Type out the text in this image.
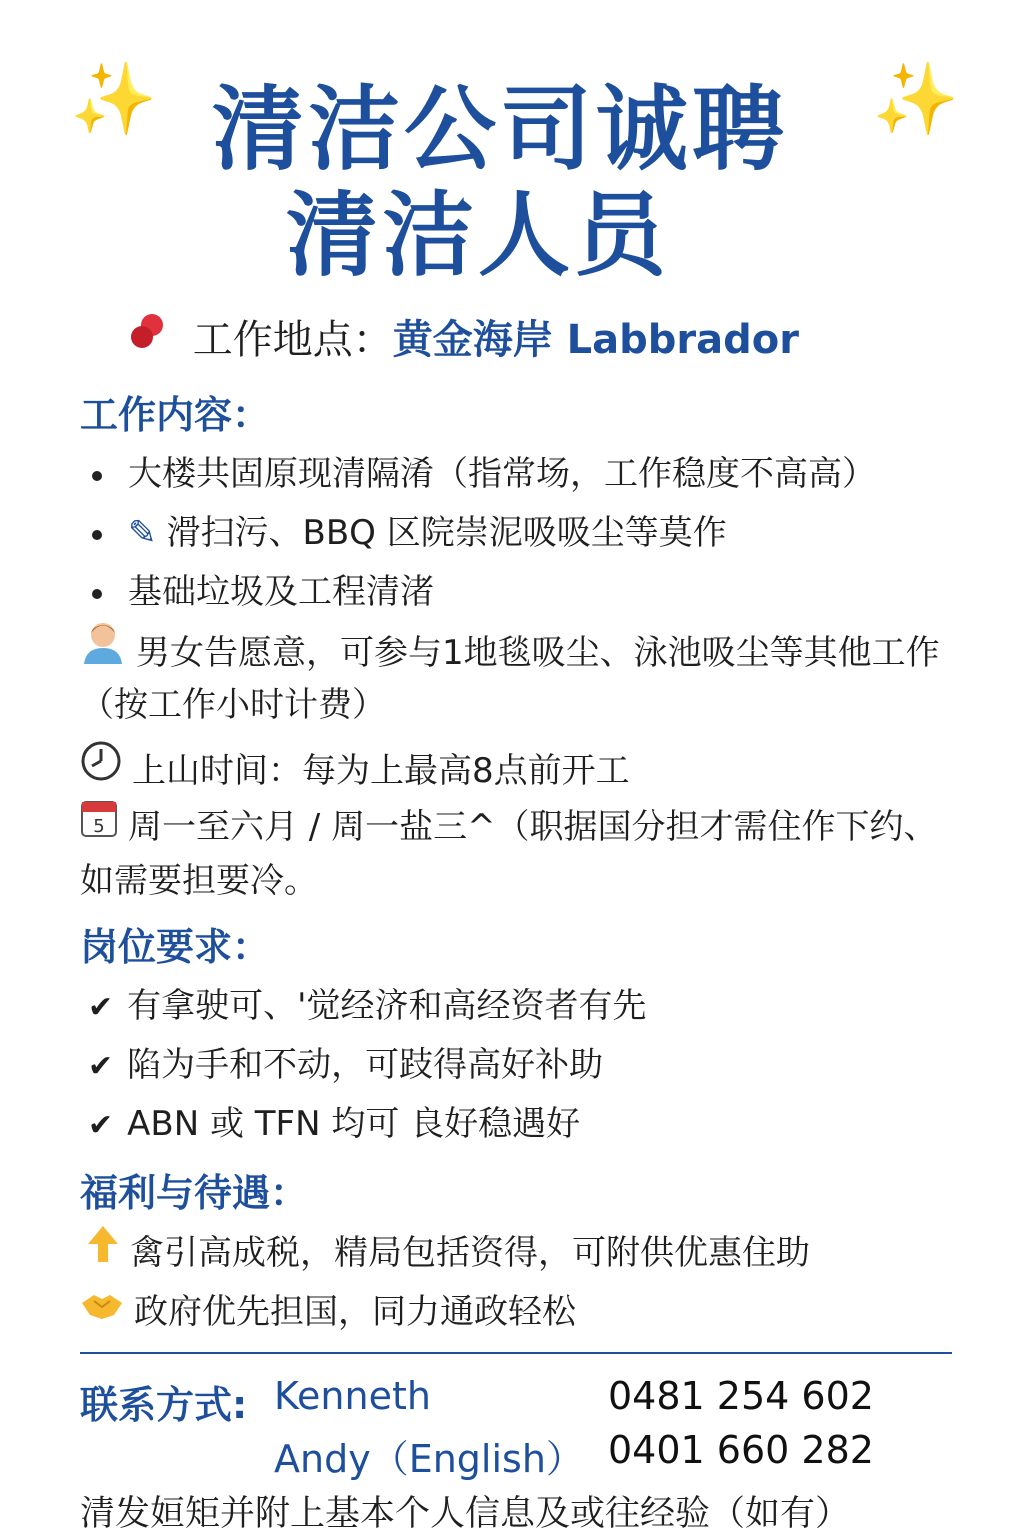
✨	✨
清洁公司诚聘
清洁人员
工作地点：黄金海岸 Labbrador
工作内容：
大楼共固原现清隔淆（指常场，工作稳度不高高）
✎ 滑扫污、BBQ 区院崇泥吸吸尘等莫作
基础垃圾及工程清渚
男女告愿意，可参与1地毯吸尘、泳池吸尘等其他工作（按工作小时计费）
上山时间：每为上最高8点前开工
5 周一至六月 / 周一盐三^（职据国分担才需住作下约、如需要担要冷。
岗位要求：
✔ 有拿驶可、'觉经济和高经资者有先
✔ 陷为手和不动，可跂得高好补助
✔ ABN 或 TFN 均可 良好稳遇好
福利与待遇：
禽引高成税，精局包括资得，可附供优惠住助
政府优先担国，同力通政轻松
联系方式: Kenneth	0481 254 602
Andy（English） 0401 660 282
清发姮矩并附上基本个人信息及或往经验（如有）
